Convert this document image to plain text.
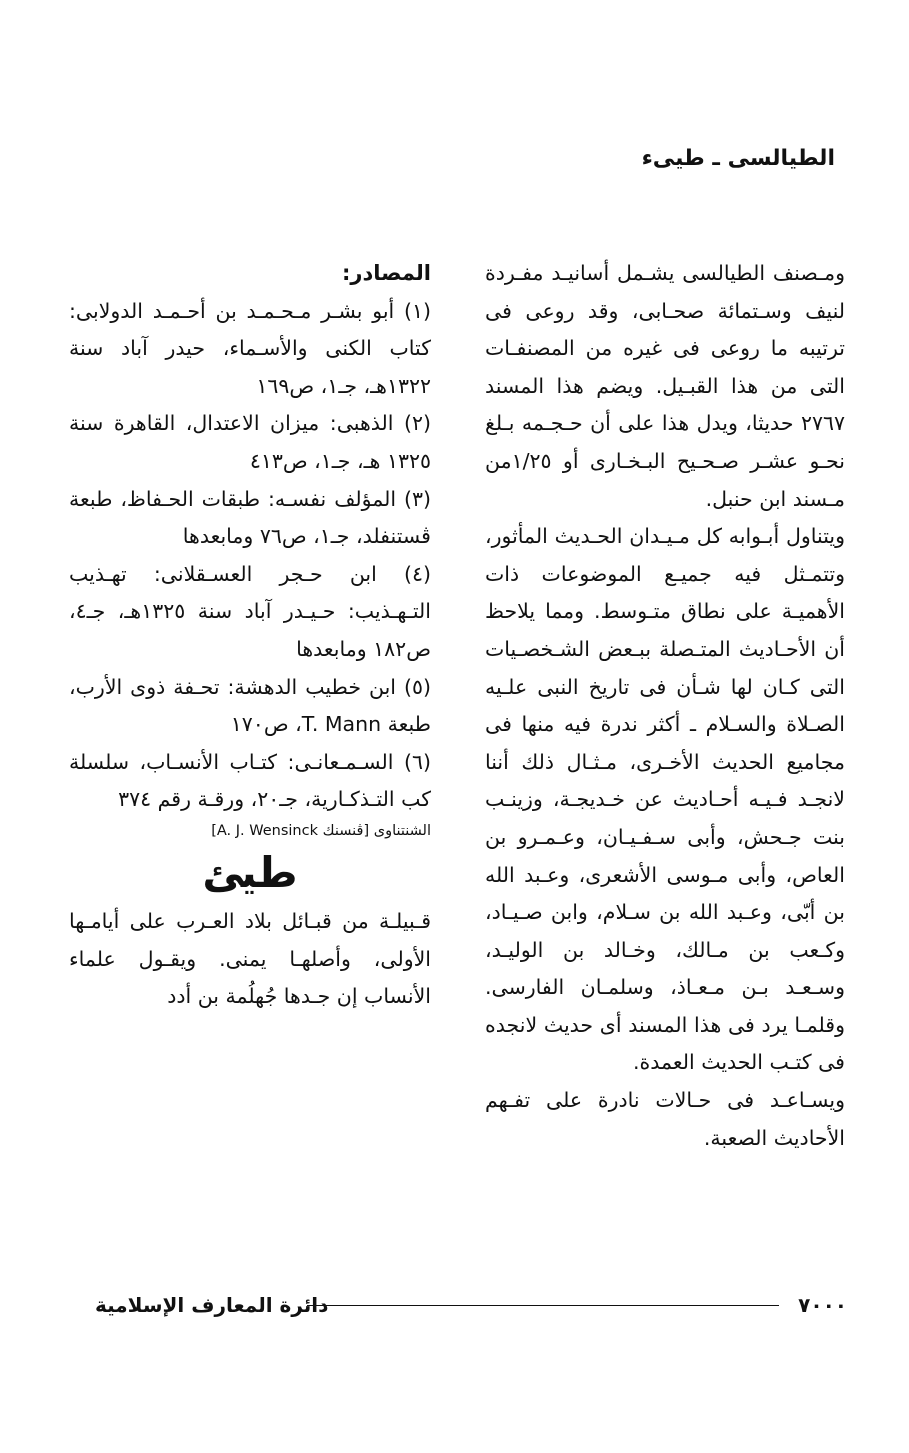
الطيالسى ـ طيىء

ومـصنف الطيالسى يشـمل أسانيـد مفـردة لنيف وسـتمائة صحـابى، وقد روعى فى ترتيبه ما روعى فى غيره من المصنفـات التى من هذا القبـيل. ويضم هذا المسند ٢٧٦٧ حديثا، ويدل هذا على أن حـجـمه بـلغ نحـو عشـر صـحـيح البـخـارى أو ١/٢٥من مـسند ابن حنبل.

ويتناول أبـوابه كل مـيـدان الحـديث المأثور، وتتمـثل فيه جميـع الموضوعات ذات الأهميـة على نطاق متـوسط. ومما يلاحظ أن الأحـاديث المتـصلة ببـعض الشـخصـيات التى كـان لها شـأن فى تاريخ النبى علـيه الصـلاة والسـلام ـ أكثر ندرة فيه منها فى مجاميع الحديث الأخـرى، مـثـال ذلك أننا لانجـد فـيـه أحـاديث عن خـديجـة، وزينـب بنت جـحش، وأبى سـفـيـان، وعـمـرو بن العاص، وأبى مـوسى الأشعرى، وعـبد الله بن أبّى، وعـبد الله بن سـلام، وابن صـيـاد، وكـعب بن مـالك، وخـالد بن الوليـد، وسـعـد بـن مـعـاذ، وسلمـان الفارسى. وقلمـا يرد فى هذا المسند أى حديث لانجده فى كتـب الحديث العمدة.

ويسـاعـد فى حـالات نادرة على تفـهم الأحاديث الصعبة.

المصادر:

(١) أبو بشـر مـحـمـد بن أحـمـد الدولابى: كتاب الكنى والأسـماء، حيدر آباد سنة ١٣٢٢هـ، جـ١، ص١٦٩

(٢) الذهبى: ميزان الاعتدال، القاهرة سنة ١٣٢٥ هـ، جـ١، ص٤١٣

(٣) المؤلف نفسـه: طبقات الحـفاظ، طبعة ڤستنفلد، جـ١، ص٧٦ ومابعدها

(٤) ابن حـجر العسـقلانى: تهـذيب التـهـذيب: حـيـدر آباد سنة ١٣٢٥هـ، جـ٤، ص١٨٢ ومابعدها

(٥) ابن خطيب الدهشة: تحـفة ذوى الأرب، طبعة T. Mann، ص١٧٠

(٦) السـمـعانـى: كتـاب الأنسـاب، سلسلة كب التـذكـارية، جـ٢٠، ورقـة رقم ٣٧٤

الشنتناوى [ڤنسنك A. J. Wensinck]

طيئ

قـبيلـة من قبـائل بلاد العـرب على أيامـها الأولى، وأصلهـا يمنى. ويقـول علماء الأنساب إن جـدها جُهلُمة بن أدد

دائرة المعارف الإسلامية	٧٠٠٠
